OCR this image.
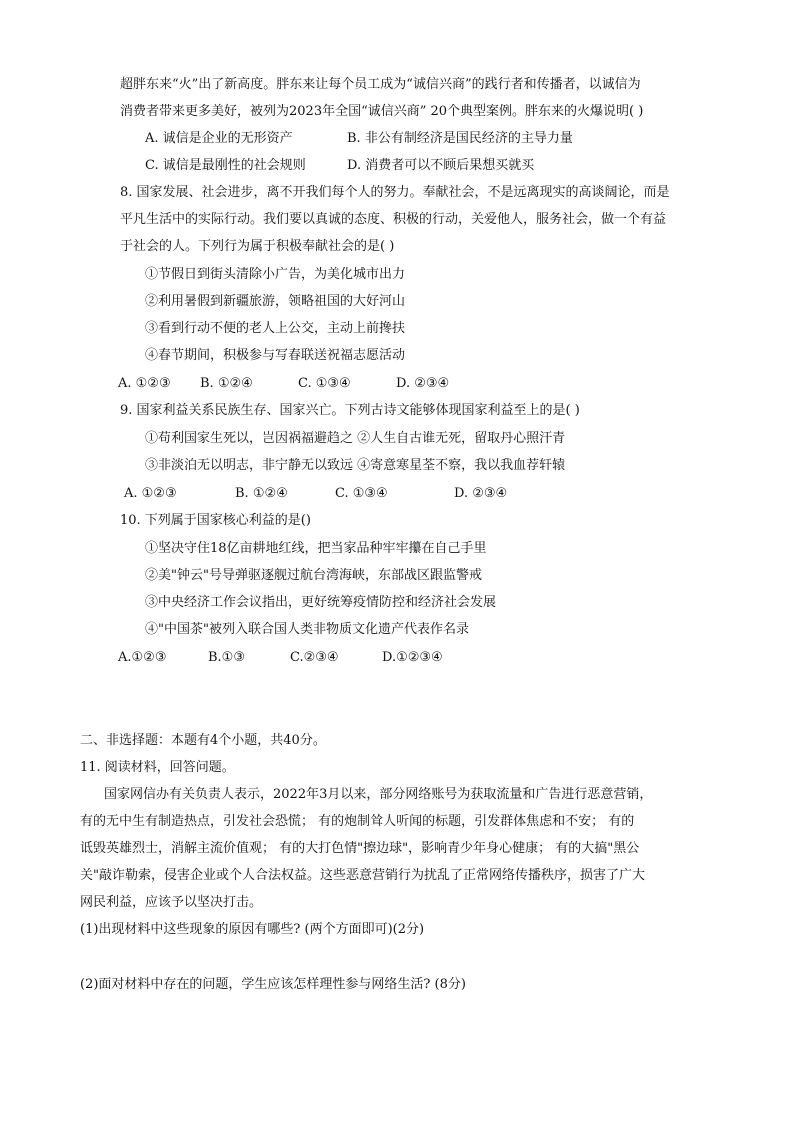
超胖东来“火”出了新高度。胖东来让每个员工成为“诚信兴商”的践行者和传播者，以诚信为
消费者带来更多美好，被列为2023年全国“诚信兴商” 20个典型案例。胖东来的火爆说明( )
A. 诚信是企业的无形资产	B. 非公有制经济是国民经济的主导力量
C. 诚信是最刚性的社会规则	D. 消费者可以不顾后果想买就买
8. 国家发展、社会进步，离不开我们每个人的努力。奉献社会，不是远离现实的高谈阔论，而是
平凡生活中的实际行动。我们要以真诚的态度、积极的行动，关爱他人，服务社会，做一个有益
于社会的人。下列行为属于积极奉献社会的是( )
①节假日到街头清除小广告，为美化城市出力
②利用暑假到新疆旅游，领略祖国的大好河山
③看到行动不便的老人上公交，主动上前搀扶
④春节期间，积极参与写春联送祝福志愿活动
A. ①②③ B. ①②④	C. ①③④	D. ②③④
9. 国家利益关系民族生存、国家兴亡。下列古诗文能够体现国家利益至上的是( )
①苟利国家生死以，岂因祸福避趋之 ②人生自古谁无死，留取丹心照汗青
③非淡泊无以明志，非宁静无以致远 ④寄意寒星荃不察，我以我血荐轩辕
A. ①②③	B. ①②④	C. ①③④	D. ②③④
10. 下列属于国家核心利益的是()
①坚决守住18亿亩耕地红线，把当家品种牢牢攥在自己手里
②美"钟云"号导弹驱逐舰过航台湾海峡，东部战区跟监警戒
③中央经济工作会议指出，更好统筹疫情防控和经济社会发展
④"中国茶"被列入联合国人类非物质文化遗产代表作名录
A.①②③	B.①③	C.②③④	D.①②③④
二、非选择题：本题有4个小题，共40分。
11. 阅读材料，回答问题。
国家网信办有关负责人表示，2022年3月以来，部分网络账号为获取流量和广告进行恶意营销，
有的无中生有制造热点，引发社会恐慌； 有的炮制耸人听闻的标题，引发群体焦虑和不安； 有的
诋毁英雄烈士，消解主流价值观； 有的大打色情"擦边球"，影响青少年身心健康； 有的大搞"黑公
关"敲诈勒索，侵害企业或个人合法权益。这些恶意营销行为扰乱了正常网络传播秩序，损害了广大
网民利益，应该予以坚决打击。
(1)出现材料中这些现象的原因有哪些? (两个方面即可)(2分)
(2)面对材料中存在的问题，学生应该怎样理性参与网络生活? (8分)
